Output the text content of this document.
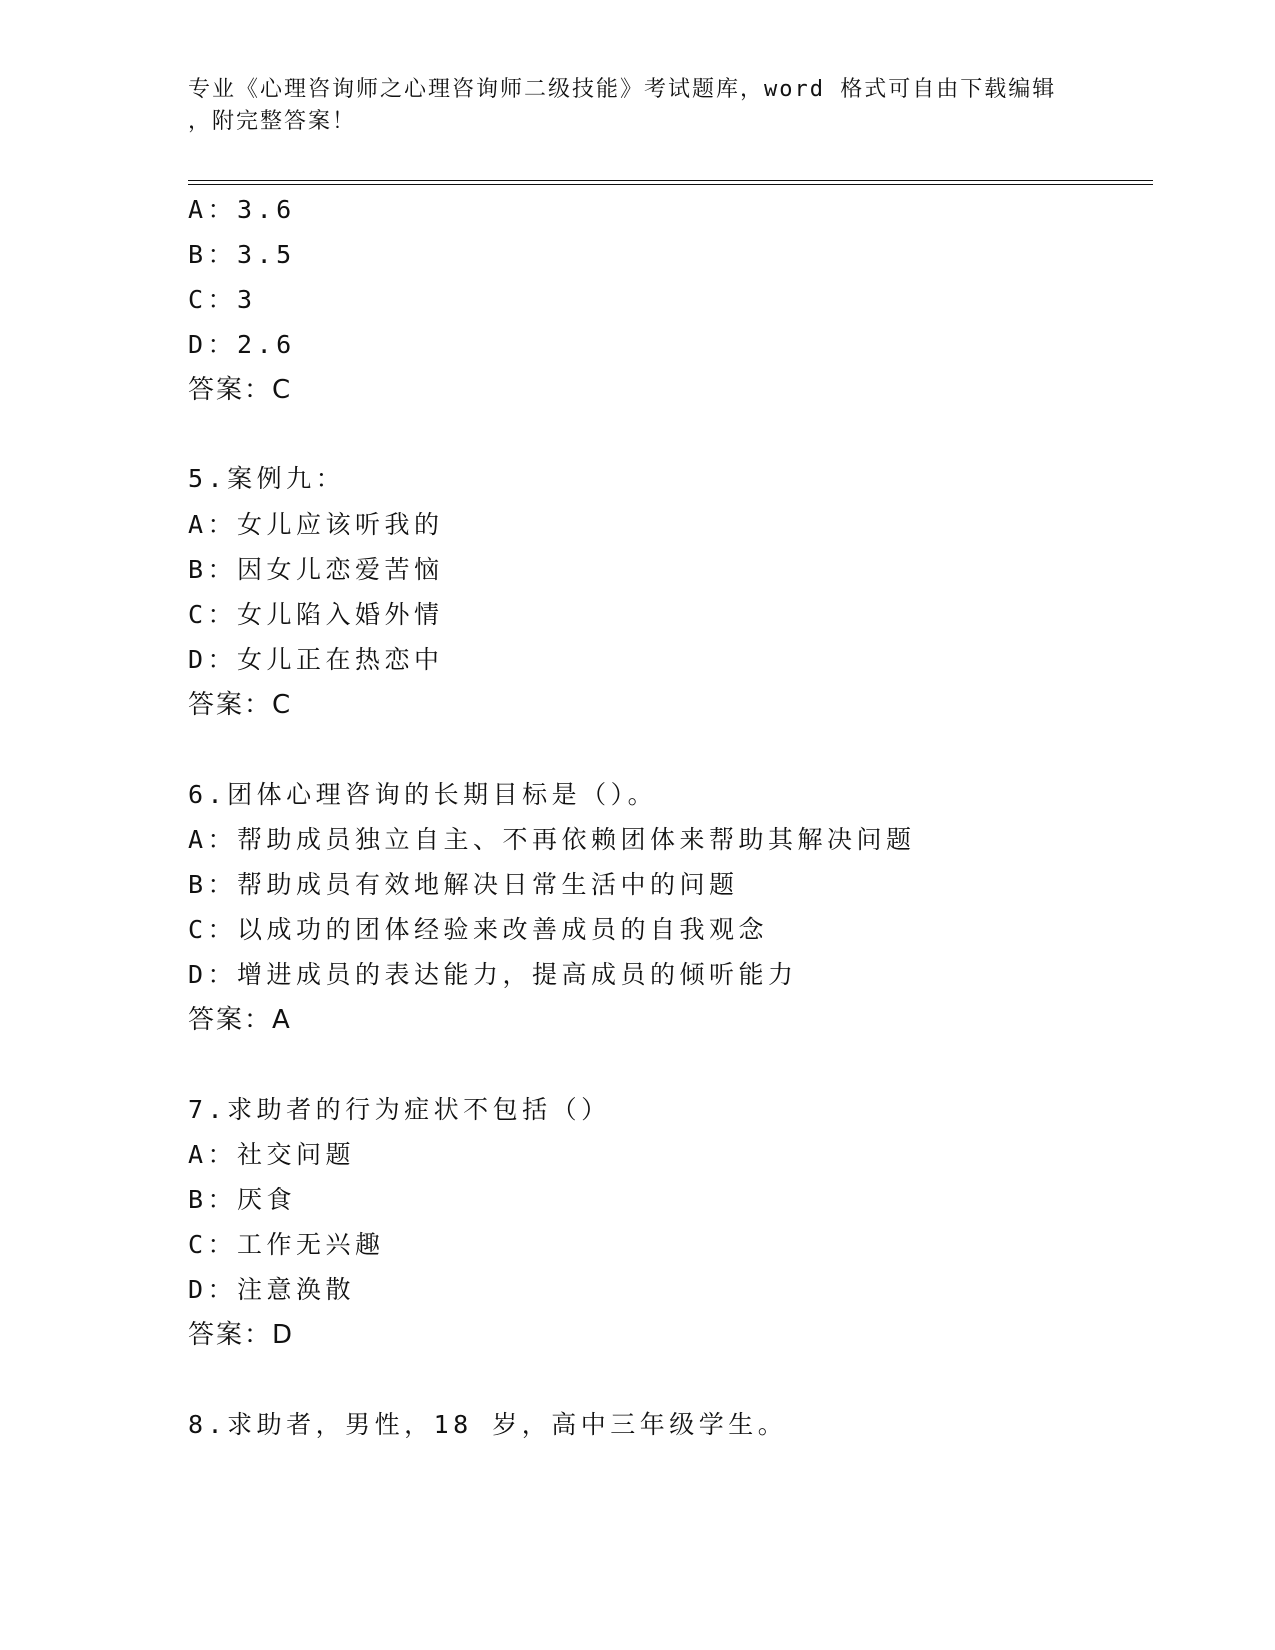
专业《心理咨询师之心理咨询师二级技能》考试题库，word 格式可自由下载编辑
，附完整答案！
A：3.6
B：3.5
C：3
D：2.6
答案：C
5.案例九：
A：女儿应该听我的
B：因女儿恋爱苦恼
C：女儿陷入婚外情
D：女儿正在热恋中
答案：C
6.团体心理咨询的长期目标是（）。
A：帮助成员独立自主、不再依赖团体来帮助其解决问题
B：帮助成员有效地解决日常生活中的问题
C：以成功的团体经验来改善成员的自我观念
D：增进成员的表达能力，提高成员的倾听能力
答案：A
7.求助者的行为症状不包括（）
A：社交问题
B：厌食
C：工作无兴趣
D：注意涣散
答案：D
8.求助者，男性，18 岁，高中三年级学生。
